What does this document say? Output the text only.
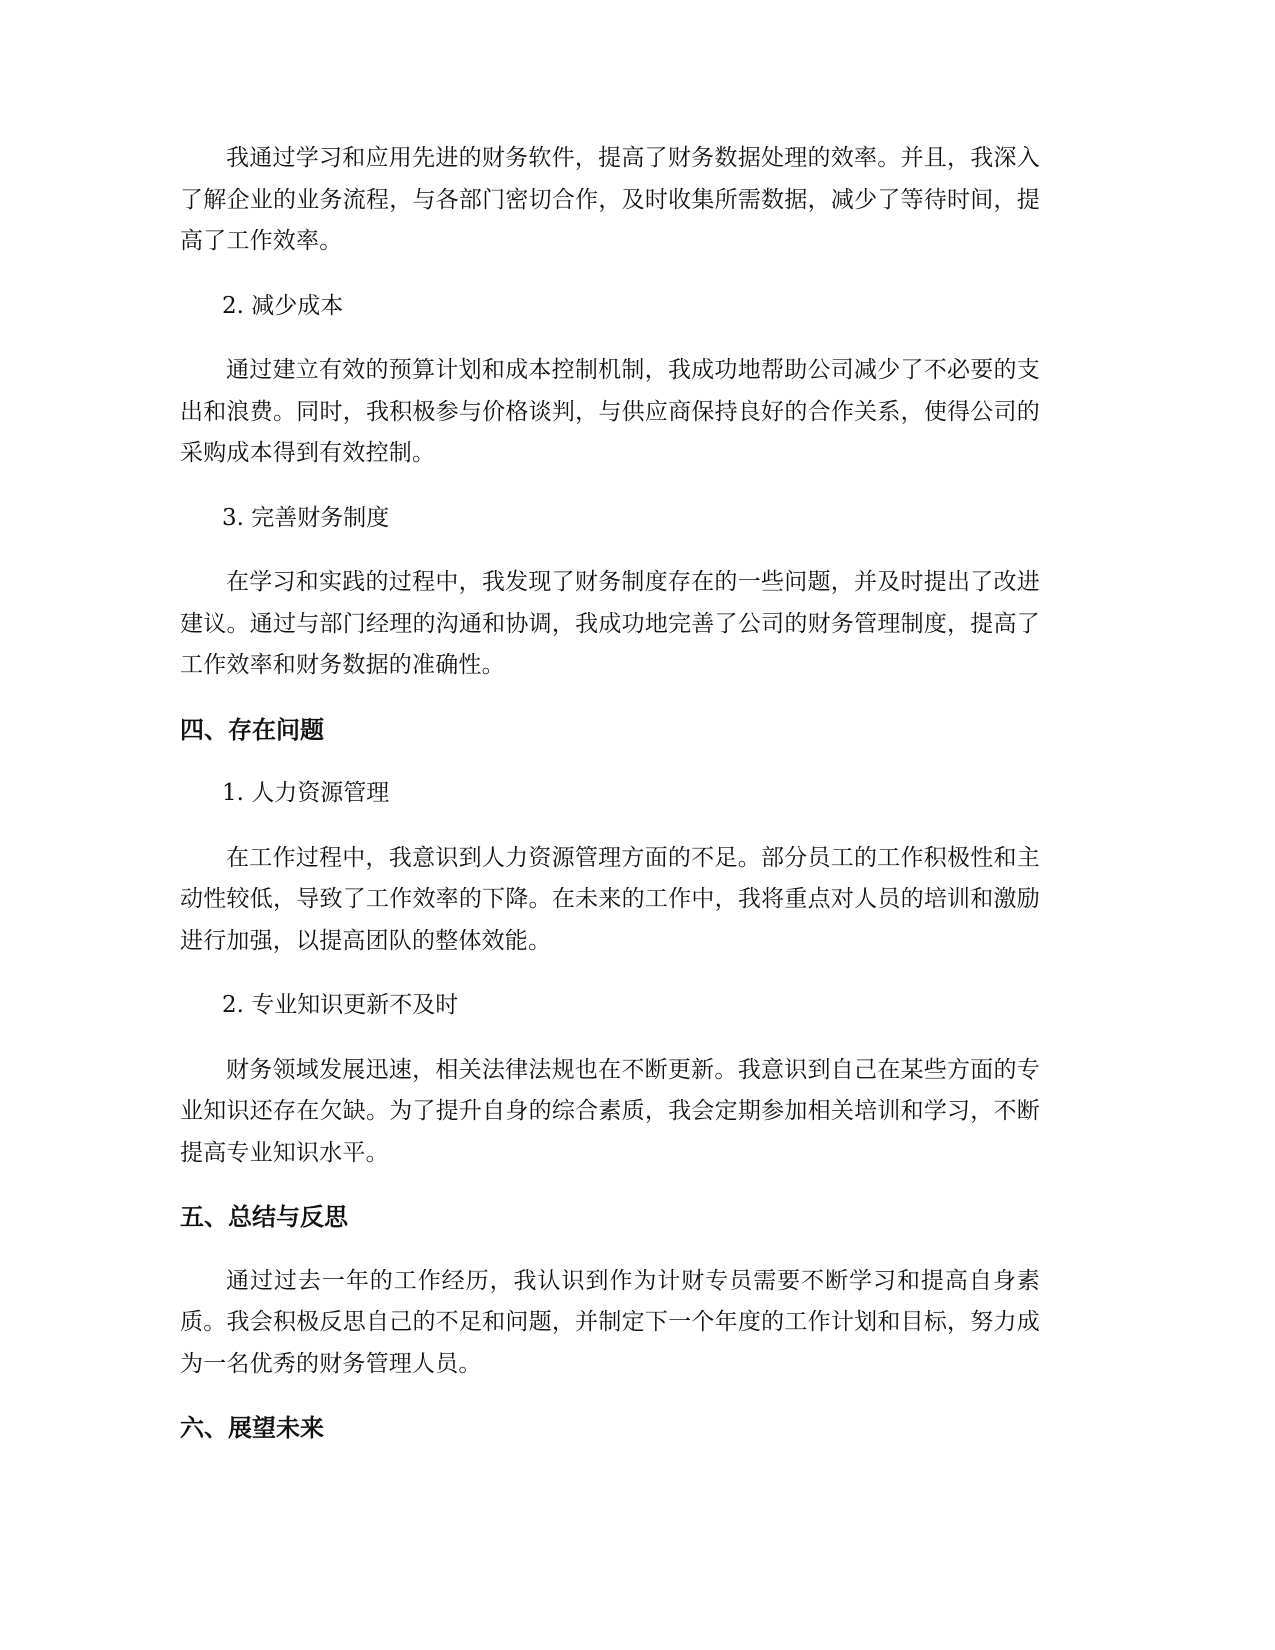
我通过学习和应用先进的财务软件，提高了财务数据处理的效率。并且，我深入了解企业的业务流程，与各部门密切合作，及时收集所需数据，减少了等待时间，提高了工作效率。

2. 减少成本

通过建立有效的预算计划和成本控制机制，我成功地帮助公司减少了不必要的支出和浪费。同时，我积极参与价格谈判，与供应商保持良好的合作关系，使得公司的采购成本得到有效控制。

3. 完善财务制度

在学习和实践的过程中，我发现了财务制度存在的一些问题，并及时提出了改进建议。通过与部门经理的沟通和协调，我成功地完善了公司的财务管理制度，提高了工作效率和财务数据的准确性。

四、存在问题

1. 人力资源管理

在工作过程中，我意识到人力资源管理方面的不足。部分员工的工作积极性和主动性较低，导致了工作效率的下降。在未来的工作中，我将重点对人员的培训和激励进行加强，以提高团队的整体效能。

2. 专业知识更新不及时

财务领域发展迅速，相关法律法规也在不断更新。我意识到自己在某些方面的专业知识还存在欠缺。为了提升自身的综合素质，我会定期参加相关培训和学习，不断提高专业知识水平。

五、总结与反思

通过过去一年的工作经历，我认识到作为计财专员需要不断学习和提高自身素质。我会积极反思自己的不足和问题，并制定下一个年度的工作计划和目标，努力成为一名优秀的财务管理人员。

六、展望未来
